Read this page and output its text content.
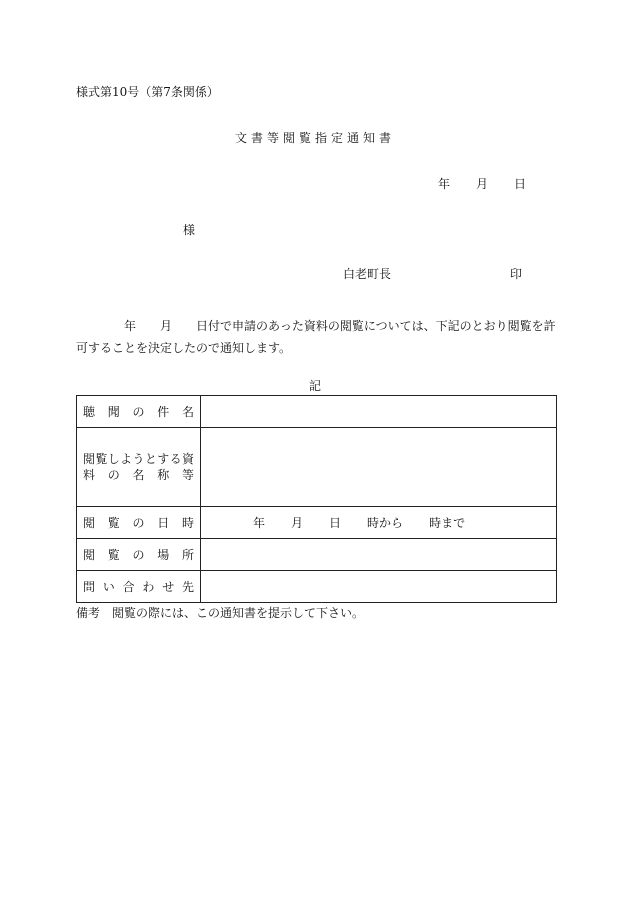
様式第10号（第7条関係）
文書等閲覧指定通知書
年 月 日
様
白老町長	印
年 月 日付で申請のあった資料の閲覧については、下記のとおり閲覧を許可することを決定したので通知します。
記
聴聞の件名	

閲覧しようとする資
料の名称等	

閲覧の日時	年 月 日 時から 時まで
閲覧の場所	
問い合わせ先	
備考　閲覧の際には、この通知書を提示して下さい。
